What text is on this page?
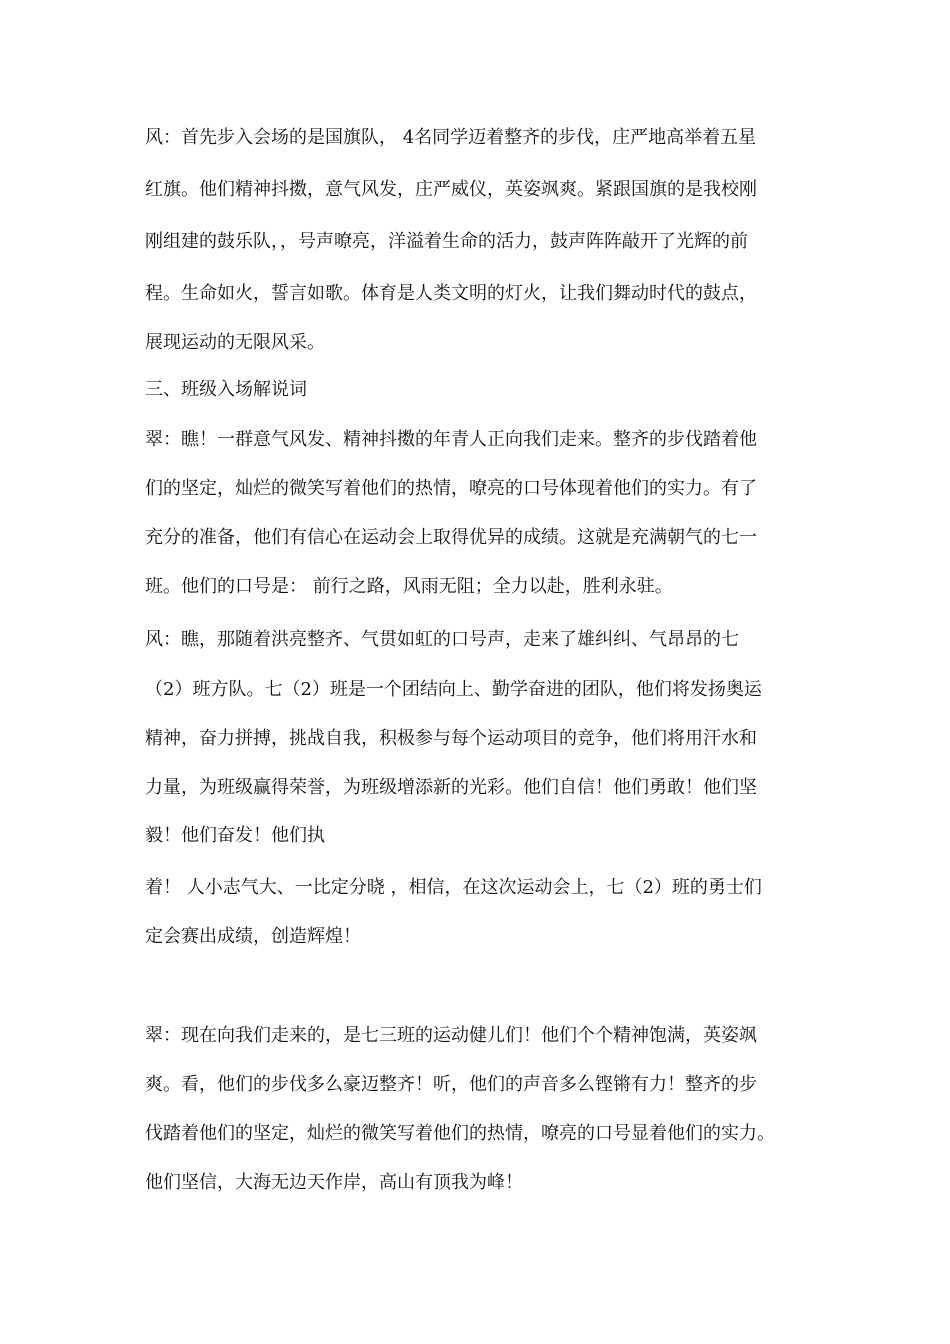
风：首先步入会场的是国旗队， 4名同学迈着整齐的步伐，庄严地高举着五星

红旗。他们精神抖擞，意气风发，庄严威仪，英姿飒爽。紧跟国旗的是我校刚

刚组建的鼓乐队，，号声嘹亮，洋溢着生命的活力，鼓声阵阵敲开了光辉的前

程。生命如火，誓言如歌。体育是人类文明的灯火，让我们舞动时代的鼓点，

展现运动的无限风采。

三、班级入场解说词

翠：瞧！一群意气风发、精神抖擞的年青人正向我们走来。整齐的步伐踏着他

们的坚定，灿烂的微笑写着他们的热情，嘹亮的口号体现着他们的实力。有了

充分的准备，他们有信心在运动会上取得优异的成绩。这就是充满朝气的七一

班。他们的口号是： 前行之路，风雨无阻；全力以赴，胜利永驻。

风：瞧，那随着洪亮整齐、气贯如虹的口号声，走来了雄纠纠、气昂昂的七

（2）班方队。七（2）班是一个团结向上、勤学奋进的团队，他们将发扬奥运

精神，奋力拼搏，挑战自我，积极参与每个运动项目的竞争，他们将用汗水和

力量，为班级赢得荣誉，为班级增添新的光彩。他们自信！他们勇敢！他们坚

毅！他们奋发！他们执

着！ 人小志气大、一比定分晓 ，相信，在这次运动会上，七（2）班的勇士们

定会赛出成绩，创造辉煌！

翠：现在向我们走来的，是七三班的运动健儿们！他们个个精神饱满，英姿飒

爽。看，他们的步伐多么豪迈整齐！听，他们的声音多么铿锵有力！整齐的步

伐踏着他们的坚定，灿烂的微笑写着他们的热情，嘹亮的口号显着他们的实力。

他们坚信，大海无边天作岸，高山有顶我为峰！
